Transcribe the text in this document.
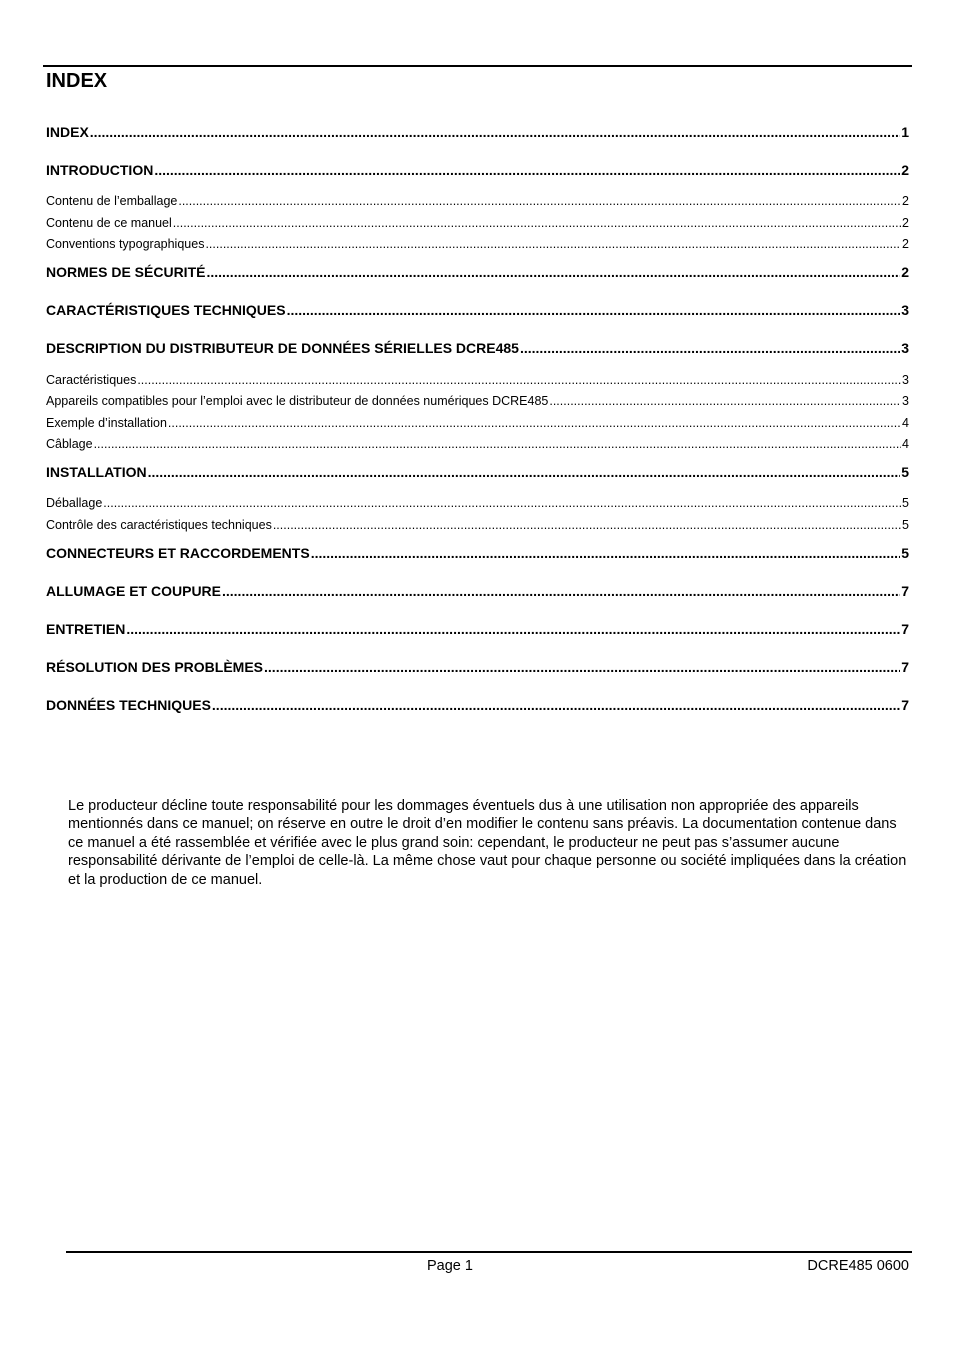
INDEX
INDEX .....	1
INTRODUCTION .....	2
Contenu de l’emballage .....	2
Contenu de ce manuel .....	2
Conventions typographiques .....	2
NORMES DE SÉCURITÉ .....	2
CARACTÉRISTIQUES TECHNIQUES .....	3
DESCRIPTION DU DISTRIBUTEUR DE DONNÉES SÉRIELLES DCRE485 .....	3
Caractéristiques .....	3
Appareils compatibles pour l’emploi avec le distributeur de données numériques DCRE485 .....	3
Exemple d’installation .....	4
Câblage .....	4
INSTALLATION .....	5
Déballage .....	5
Contrôle des caractéristiques techniques .....	5
CONNECTEURS ET RACCORDEMENTS .....	5
ALLUMAGE ET COUPURE .....	7
ENTRETIEN .....	7
RÉSOLUTION DES PROBLÈMES .....	7
DONNÉES TECHNIQUES .....	7

Le producteur décline toute responsabilité pour les dommages éventuels dus à une utilisation non appropriée des appareils mentionnés dans ce manuel; on réserve en outre le droit d’en modifier le contenu sans préavis. La documentation contenue dans ce manuel a été rassemblée et vérifiée avec le plus grand soin: cependant, le producteur ne peut pas s’assumer aucune responsabilité dérivante de l’emploi de celle-là. La même chose vaut pour chaque personne ou société impliquées dans la création et la production de ce manuel.

Page 1	DCRE485 0600
